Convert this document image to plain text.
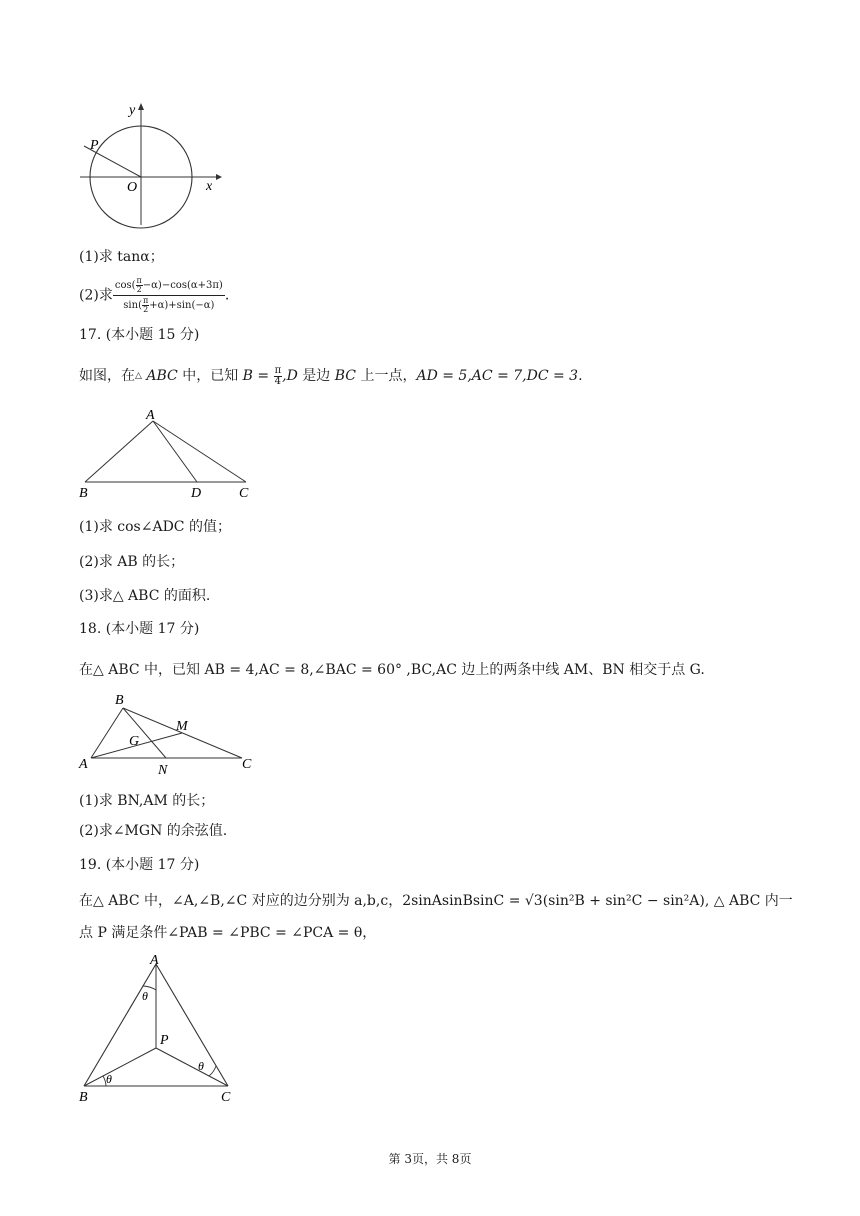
y
x
P
O
(1)求 tanα；
(2)求 $\frac{\cos( \frac{\pi}{2} -\alpha)-\cos(\alpha+3\pi)}{\sin( \frac{\pi}{2} +\alpha)+\sin(-\alpha)}$ .
17. (本小题 15 分)
如图，在△ ABC 中，已知 $B = \frac{\pi}{4} ,D$ 是边 BC 上一点，AD = 5,AC = 7,DC = 3.
A
B	D	C
(1)求 cos∠ADC 的值；
(2)求 AB 的长；
(3)求△ ABC 的面积.
18. (本小题 17 分)
在△ ABC 中，已知 AB = 4,AC = 8,∠BAC = 60° ,BC,AC 边上的两条中线 AM、BN 相交于点 G.
B
M
G
A	N	C
(1)求 BN,AM 的长；
(2)求∠MGN 的余弦值.
19. (本小题 17 分)
在△ ABC 中，∠A,∠B,∠C 对应的边分别为 a,b,c，2sinAsinBsinC = √3(sin²B + sin²C − sin²A), △ ABC 内一
点 P 满足条件∠PAB = ∠PBC = ∠PCA = θ，
A
θ
P
θ
θ
B	C
第 3页，共 8页
